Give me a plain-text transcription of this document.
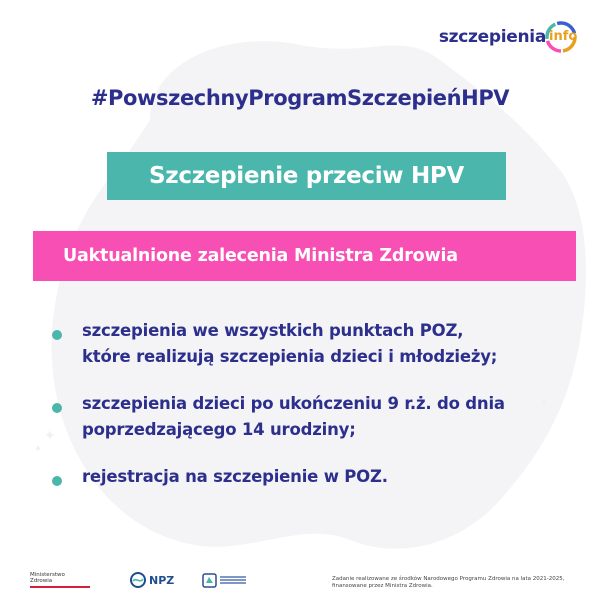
✦
✦
✦
szczepienia info
#PowszechnyProgramSzczepieńHPV
Szczepienie przeciw HPV
Uaktualnione zalecenia Ministra Zdrowia
szczepienia we wszystkich punktach POZ,
które realizują szczepienia dzieci i młodzieży;
szczepienia dzieci po ukończeniu 9 r.ż. do dnia
poprzedzającego 14 urodziny;
rejestracja na szczepienie w POZ.
Ministerstwo
Zdrowia	NPZ	Zadanie realizowane ze środków Narodowego Programu Zdrowia na lata 2021-2025,
finansowane przez Ministra Zdrowia.
